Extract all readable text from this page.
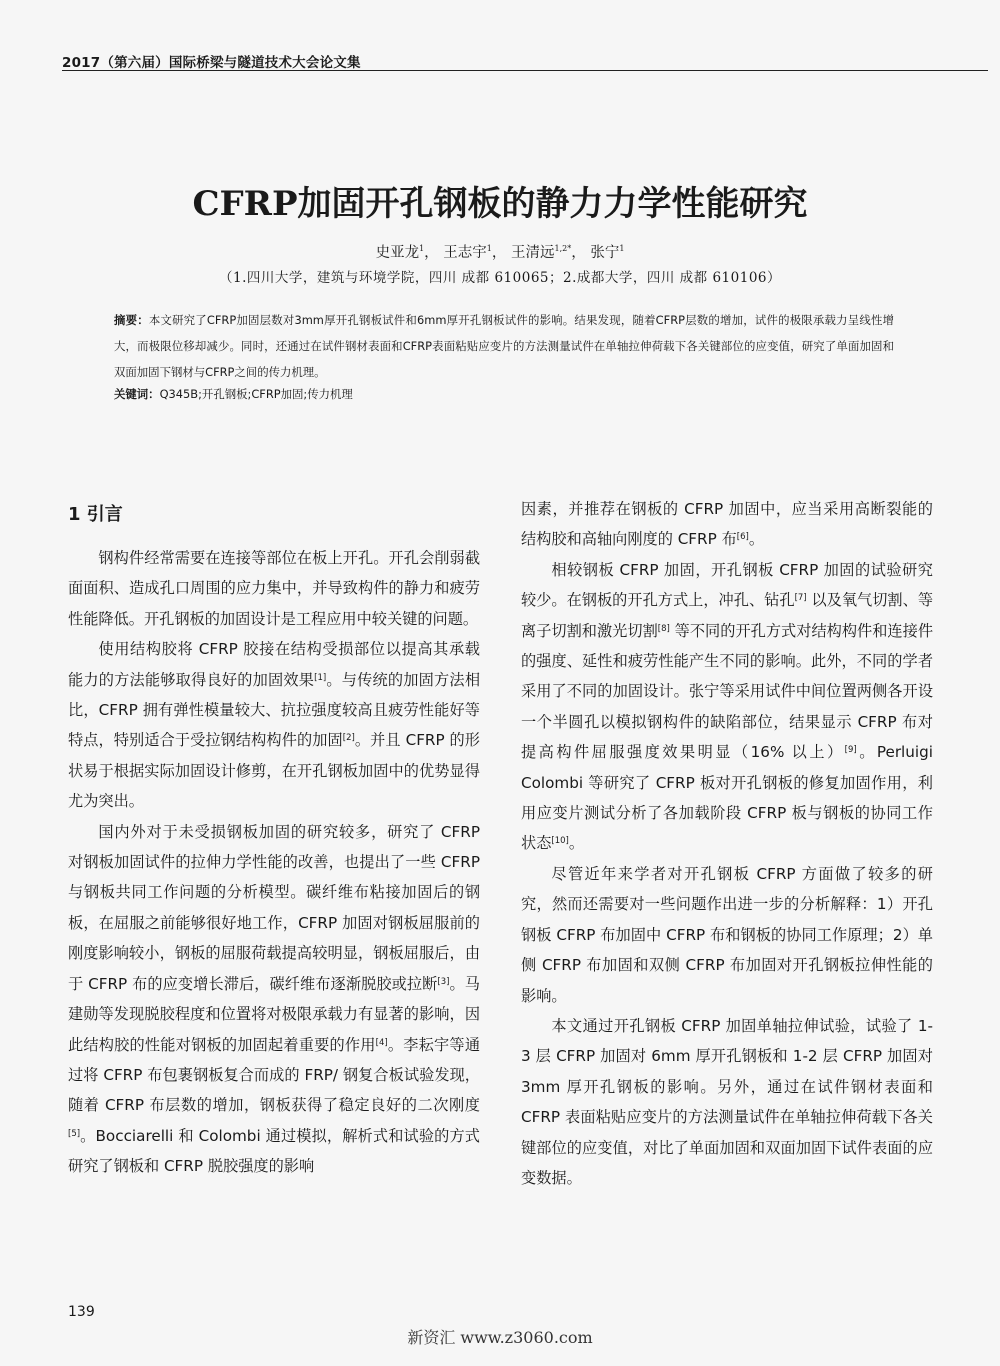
2017（第六届）国际桥梁与隧道技术大会论文集
CFRP加固开孔钢板的静力力学性能研究
史亚龙$^1$， 王志宇$^1$， 王清远$^{1,2*}$， 张宁$^1$
（1.四川大学，建筑与环境学院，四川 成都 610065；2.成都大学，四川 成都 610106）
摘要：本文研究了CFRP加固层数对3mm厚开孔钢板试件和6mm厚开孔钢板试件的影响。结果发现，随着CFRP层数的增加，试件的极限承载力呈线性增大，而极限位移却减少。同时，还通过在试件钢材表面和CFRP表面粘贴应变片的方法测量试件在单轴拉伸荷载下各关键部位的应变值，研究了单面加固和双面加固下钢材与CFRP之间的传力机理。
关键词：Q345B;开孔钢板;CFRP加固;传力机理
1 引言

钢构件经常需要在连接等部位在板上开孔。开孔会削弱截面面积、造成孔口周围的应力集中，并导致构件的静力和疲劳性能降低。开孔钢板的加固设计是工程应用中较关键的问题。

使用结构胶将 CFRP 胶接在结构受损部位以提高其承载能力的方法能够取得良好的加固效果[1]。与传统的加固方法相比，CFRP 拥有弹性模量较大、抗拉强度较高且疲劳性能好等特点，特别适合于受拉钢结构构件的加固[2]。并且 CFRP 的形状易于根据实际加固设计修剪，在开孔钢板加固中的优势显得尤为突出。

国内外对于未受损钢板加固的研究较多，研究了 CFRP 对钢板加固试件的拉伸力学性能的改善，也提出了一些 CFRP 与钢板共同工作问题的分析模型。碳纤维布粘接加固后的钢板，在屈服之前能够很好地工作，CFRP 加固对钢板屈服前的刚度影响较小，钢板的屈服荷载提高较明显，钢板屈服后，由于 CFRP 布的应变增长滞后，碳纤维布逐渐脱胶或拉断[3]。马建勋等发现脱胶程度和位置将对极限承载力有显著的影响，因此结构胶的性能对钢板的加固起着重要的作用[4]。李耘宇等通过将 CFRP 布包裹钢板复合而成的 FRP/ 钢复合板试验发现，随着 CFRP 布层数的增加，钢板获得了稳定良好的二次刚度[5]。Bocciarelli 和 Colombi 通过模拟，解析式和试验的方式研究了钢板和 CFRP 脱胶强度的影响

因素，并推荐在钢板的 CFRP 加固中，应当采用高断裂能的结构胶和高轴向刚度的 CFRP 布[6]。

相较钢板 CFRP 加固，开孔钢板 CFRP 加固的试验研究较少。在钢板的开孔方式上，冲孔、钻孔[7] 以及氧气切割、等离子切割和激光切割[8] 等不同的开孔方式对结构构件和连接件的强度、延性和疲劳性能产生不同的影响。此外，不同的学者采用了不同的加固设计。张宁等采用试件中间位置两侧各开设一个半圆孔以模拟钢构件的缺陷部位，结果显示 CFRP 布对提高构件屈服强度效果明显（16% 以上）[9]。Perluigi Colombi 等研究了 CFRP 板对开孔钢板的修复加固作用，利用应变片测试分析了各加载阶段 CFRP 板与钢板的协同工作状态[10]。

尽管近年来学者对开孔钢板 CFRP 方面做了较多的研究，然而还需要对一些问题作出进一步的分析解释：1）开孔钢板 CFRP 布加固中 CFRP 布和钢板的协同工作原理；2）单侧 CFRP 布加固和双侧 CFRP 布加固对开孔钢板拉伸性能的影响。

本文通过开孔钢板 CFRP 加固单轴拉伸试验，试验了 1-3 层 CFRP 加固对 6mm 厚开孔钢板和 1-2 层 CFRP 加固对 3mm 厚开孔钢板的影响。另外，通过在试件钢材表面和 CFRP 表面粘贴应变片的方法测量试件在单轴拉伸荷载下各关键部位的应变值，对比了单面加固和双面加固下试件表面的应变数据。

139
新资汇 www.z3060.com
